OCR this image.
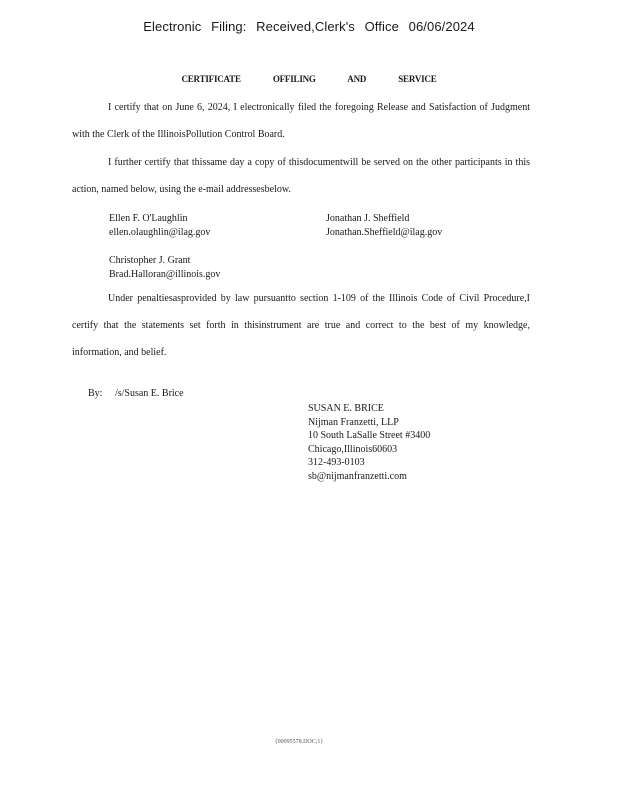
Electronic Filing: Received,Clerk's Office 06/06/2024
CERTIFICATE OFFILING AND SERVICE
I certify that on June 6, 2024, I electronically filed the foregoing Release and Satisfaction of Judgment with the Clerk of the IllinoisPollution Control Board.
I further certify that thissame day a copy of thisdocumentwill be served on the other participants in this action, named below, using the e-mail addressesbelow.
Ellen F. O'Laughlin
ellen.olaughlin@ilag.gov
Jonathan J. Sheffield
Jonathan.Sheffield@ilag.gov
Christopher J. Grant
Brad.Halloran@illinois.gov
Under penaltiesasprovided by law pursuantto section 1-109 of the Illinois Code of Civil Procedure,I certify that the statements set forth in thisinstrument are true and correct to the best of my knowledge, information, and belief.
By: /s/Susan E. Brice
SUSAN E. BRICE
Nijman Franzetti, LLP
10 South LaSalle Street #3400
Chicago,Illinois60603
312-493-0103
sb@nijmanfranzetti.com
{00095578.DOC;1}
